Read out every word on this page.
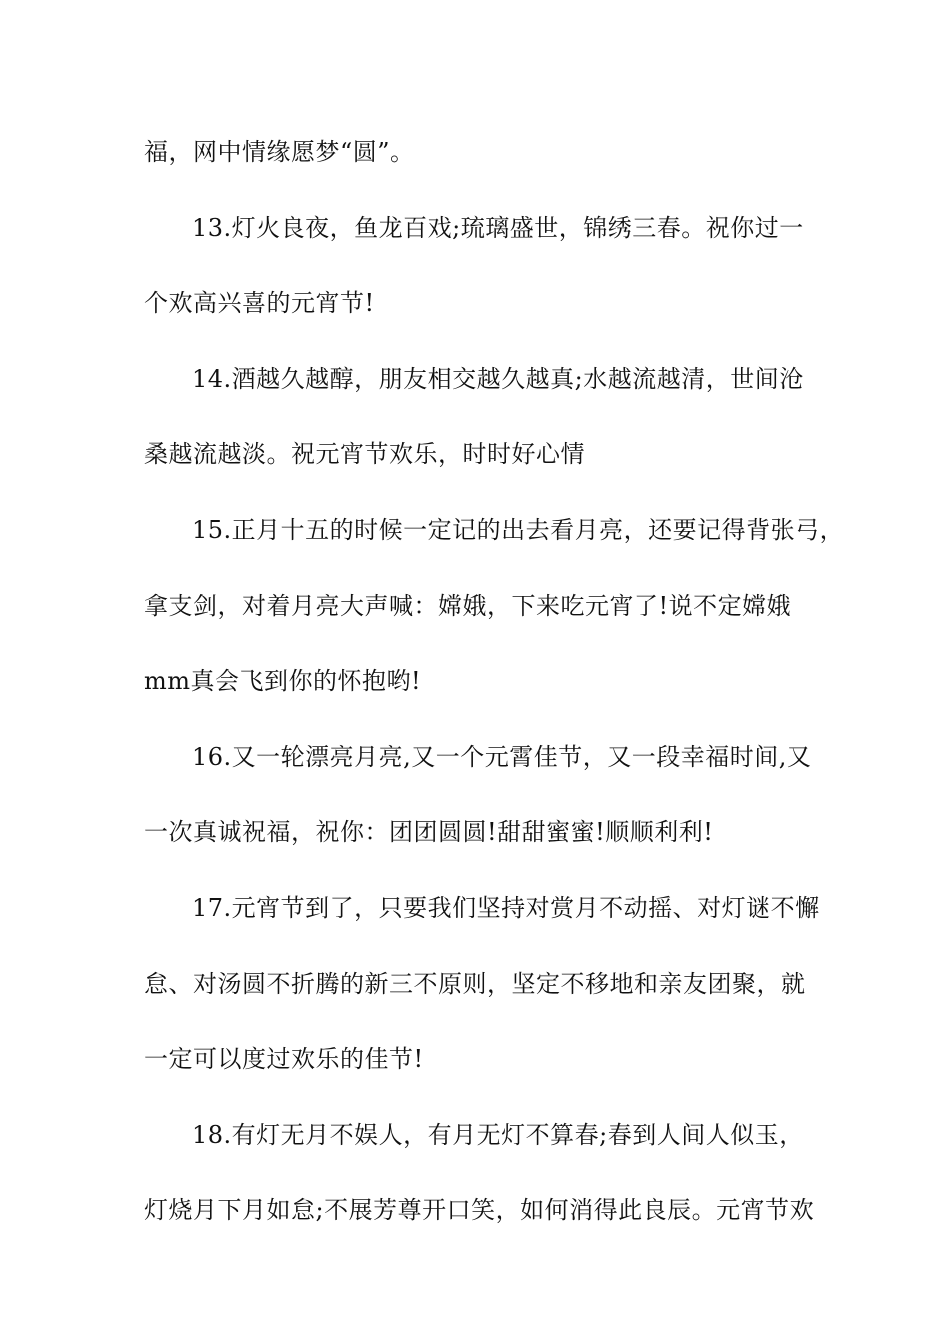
福，网中情缘愿梦“圆”。
13.灯火良夜，鱼龙百戏;琉璃盛世，锦绣三春。祝你过一
个欢高兴喜的元宵节!
14.酒越久越醇，朋友相交越久越真;水越流越清，世间沧
桑越流越淡。祝元宵节欢乐，时时好心情
15.正月十五的时候一定记的出去看月亮，还要记得背张弓，
拿支剑，对着月亮大声喊：嫦娥，下来吃元宵了!说不定嫦娥
mm真会飞到你的怀抱哟!
16.又一轮漂亮月亮,又一个元霄佳节，又一段幸福时间,又
一次真诚祝福，祝你：团团圆圆!甜甜蜜蜜!顺顺利利!
17.元宵节到了，只要我们坚持对赏月不动摇、对灯谜不懈
怠、对汤圆不折腾的新三不原则，坚定不移地和亲友团聚，就
一定可以度过欢乐的佳节!
18.有灯无月不娱人，有月无灯不算春;春到人间人似玉，
灯烧月下月如怠;不展芳尊开口笑，如何消得此良辰。元宵节欢
